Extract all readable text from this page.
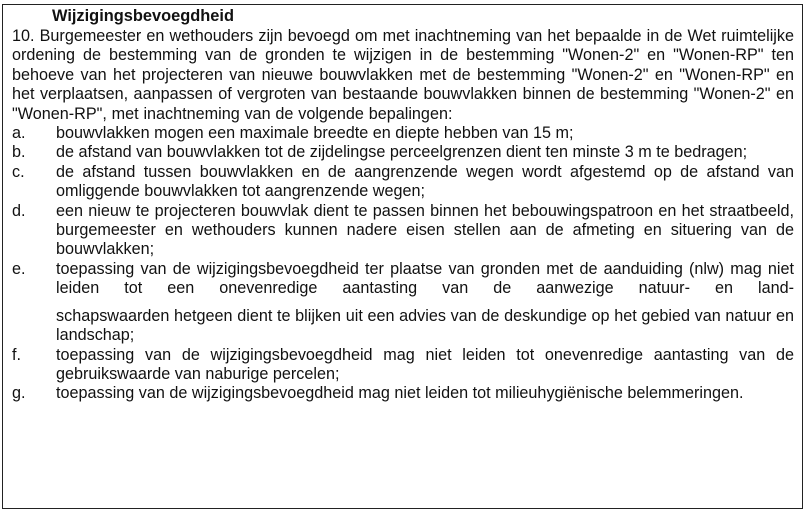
Wijzigingsbevoegdheid
10. Burgemeester en wethouders zijn bevoegd om met inachtneming van het bepaalde in de Wet ruimtelijke ordening de bestemming van de gronden te wijzigen in de bestemming "Wonen-2" en "Wonen-RP" ten behoeve van het projecteren van nieuwe bouwvlakken met de bestemming "Wonen-2" en "Wonen-RP" en het verplaatsen, aanpassen of vergroten van bestaande bouwvlakken binnen de bestemming "Wonen-2" en "Wonen-RP", met inachtneming van de volgende bepalingen:
a.	bouwvlakken mogen een maximale breedte en diepte hebben van 15 m;
b.	de afstand van bouwvlakken tot de zijdelingse perceelgrenzen dient ten minste 3 m te bedragen;
c.	de afstand tussen bouwvlakken en de aangrenzende wegen wordt afgestemd op de afstand van omliggende bouwvlakken tot aangrenzende wegen;
d.	een nieuw te projecteren bouwvlak dient te passen binnen het bebouwingspatroon en het straatbeeld, burgemeester en wethouders kunnen nadere eisen stellen aan de afmeting en situering van de bouwvlakken;
e.	toepassing van de wijzigingsbevoegdheid ter plaatse van gronden met de aanduiding (nlw) mag niet leiden tot een onevenredige aantasting van de aanwezige natuur- en land-
schapswaarden hetgeen dient te blijken uit een advies van de deskundige op het gebied van natuur en landschap;
f.	toepassing van de wijzigingsbevoegdheid mag niet leiden tot onevenredige aantasting van de gebruikswaarde van naburige percelen;
g.	toepassing van de wijzigingsbevoegdheid mag niet leiden tot milieuhygiënische belemmeringen.
